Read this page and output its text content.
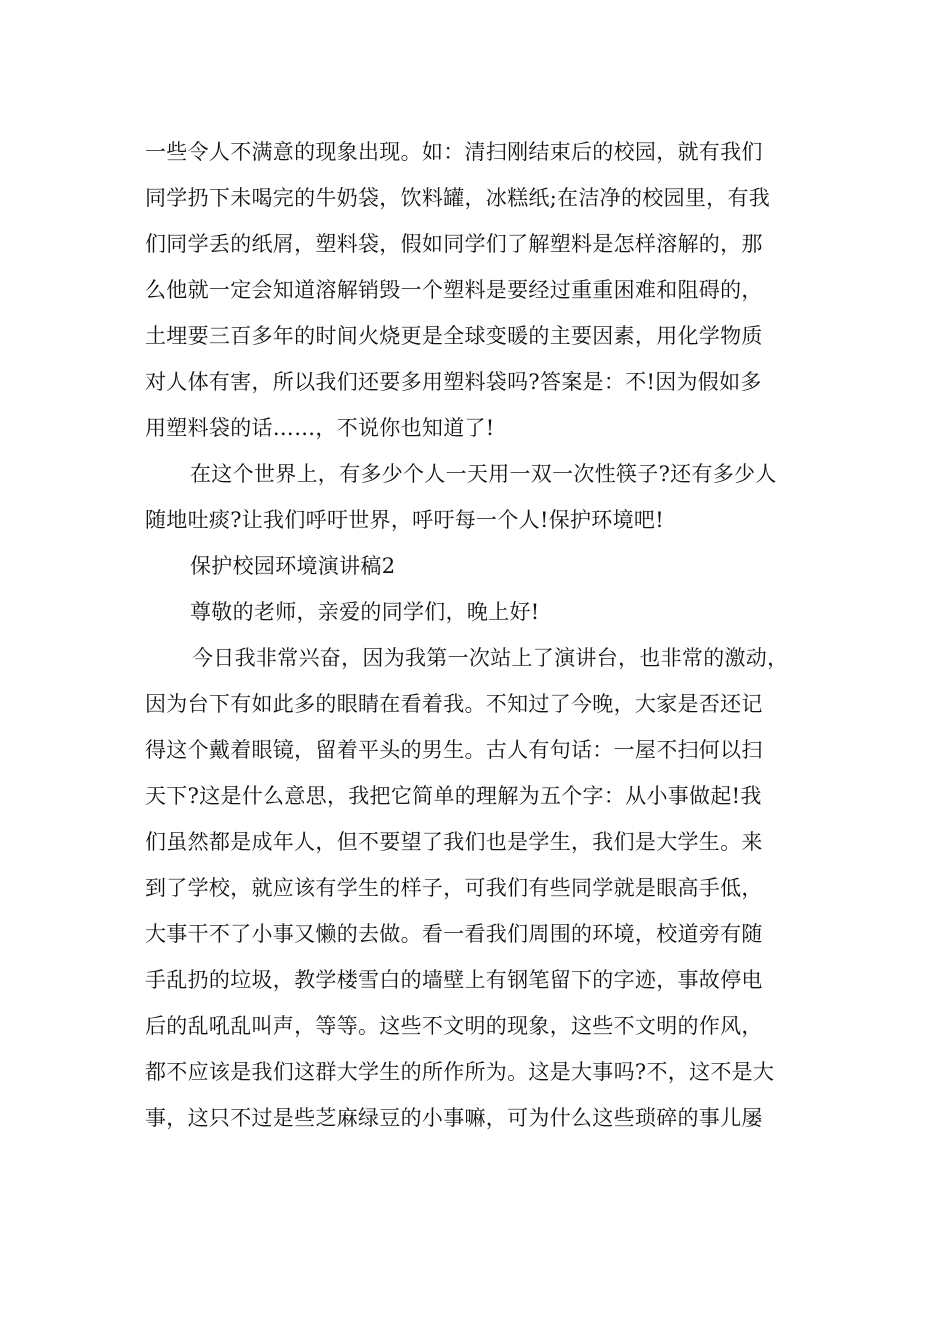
一些令人不满意的现象出现。如：清扫刚结束后的校园，就有我们
同学扔下未喝完的牛奶袋，饮料罐，冰糕纸;在洁净的校园里，有我
们同学丢的纸屑，塑料袋，假如同学们了解塑料是怎样溶解的，那
么他就一定会知道溶解销毁一个塑料是要经过重重困难和阻碍的，
土埋要三百多年的时间火烧更是全球变暖的主要因素，用化学物质
对人体有害，所以我们还要多用塑料袋吗?答案是：不!因为假如多
用塑料袋的话……，不说你也知道了!
在这个世界上，有多少个人一天用一双一次性筷子?还有多少人
随地吐痰?让我们呼吁世界，呼吁每一个人!保护环境吧!
保护校园环境演讲稿2
尊敬的老师，亲爱的同学们，晚上好!
今日我非常兴奋，因为我第一次站上了演讲台，也非常的激动，
因为台下有如此多的眼睛在看着我。不知过了今晚，大家是否还记
得这个戴着眼镜，留着平头的男生。古人有句话：一屋不扫何以扫
天下?这是什么意思，我把它简单的理解为五个字：从小事做起!我
们虽然都是成年人，但不要望了我们也是学生，我们是大学生。来
到了学校，就应该有学生的样子，可我们有些同学就是眼高手低，
大事干不了小事又懒的去做。看一看我们周围的环境，校道旁有随
手乱扔的垃圾，教学楼雪白的墙壁上有钢笔留下的字迹，事故停电
后的乱吼乱叫声，等等。这些不文明的现象，这些不文明的作风，
都不应该是我们这群大学生的所作所为。这是大事吗?不，这不是大
事，这只不过是些芝麻绿豆的小事嘛，可为什么这些琐碎的事儿屡
